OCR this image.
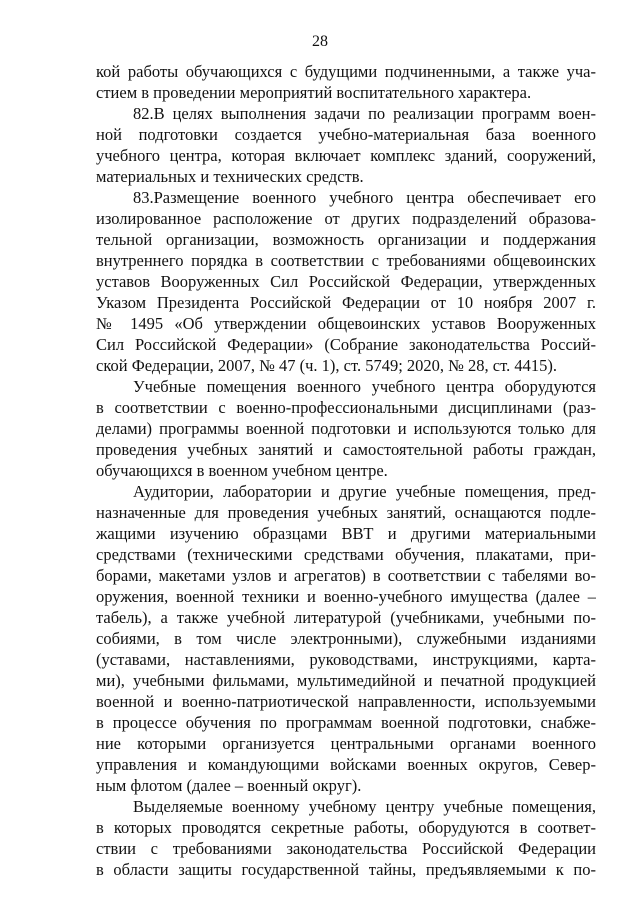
28
кой работы обучающихся с будущими подчиненными, а также уча-
стием в проведении мероприятий воспитательного характера.
82.В целях выполнения задачи по реализации программ воен-
ной подготовки создается учебно-материальная база военного
учебного центра, которая включает комплекс зданий, сооружений,
материальных и технических средств.
83.Размещение военного учебного центра обеспечивает его
изолированное расположение от других подразделений образова-
тельной организации, возможность организации и поддержания
внутреннего порядка в соответствии с требованиями общевоинских
уставов Вооруженных Сил Российской Федерации, утвержденных
Указом Президента Российской Федерации от 10 ноября 2007 г.
№ 1495 «Об утверждении общевоинских уставов Вооруженных
Сил Российской Федерации» (Собрание законодательства Россий-
ской Федерации, 2007, № 47 (ч. 1), ст. 5749; 2020, № 28, ст. 4415).
Учебные помещения военного учебного центра оборудуются
в соответствии с военно-профессиональными дисциплинами (раз-
делами) программы военной подготовки и используются только для
проведения учебных занятий и самостоятельной работы граждан,
обучающихся в военном учебном центре.
Аудитории, лаборатории и другие учебные помещения, пред-
назначенные для проведения учебных занятий, оснащаются подле-
жащими изучению образцами ВВТ и другими материальными
средствами (техническими средствами обучения, плакатами, при-
борами, макетами узлов и агрегатов) в соответствии с табелями во-
оружения, военной техники и военно-учебного имущества (далее –
табель), а также учебной литературой (учебниками, учебными по-
собиями, в том числе электронными), служебными изданиями
(уставами, наставлениями, руководствами, инструкциями, карта-
ми), учебными фильмами, мультимедийной и печатной продукцией
военной и военно-патриотической направленности, используемыми
в процессе обучения по программам военной подготовки, снабже-
ние которыми организуется центральными органами военного
управления и командующими войсками военных округов, Север-
ным флотом (далее – военный округ).
Выделяемые военному учебному центру учебные помещения,
в которых проводятся секретные работы, оборудуются в соответ-
ствии с требованиями законодательства Российской Федерации
в области защиты государственной тайны, предъявляемыми к по-
